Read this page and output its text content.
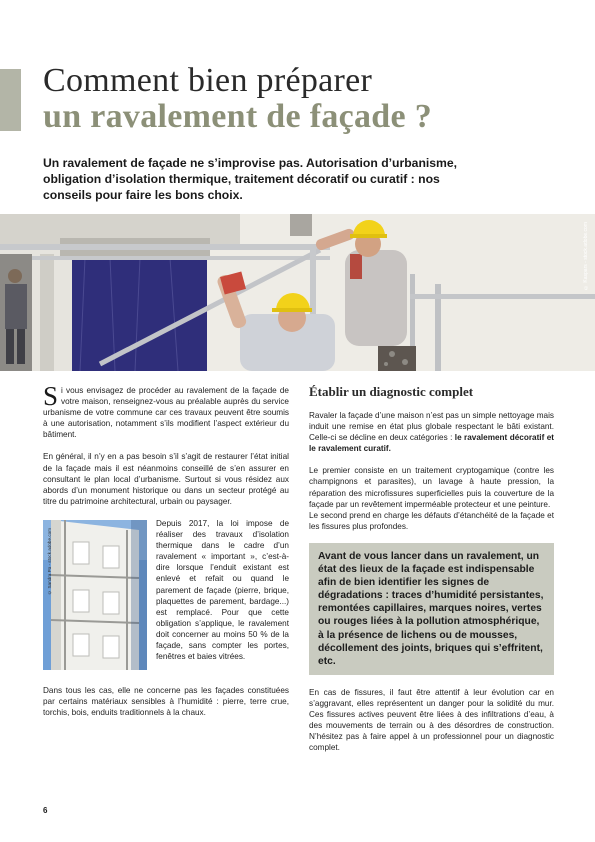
Comment bien préparer
un ravalement de façade ?

Un ravalement de façade ne s’improvise pas. Autorisation d’urbanisme, obligation d’isolation thermique, traitement décoratif ou curatif : nos conseils pour faire les bons choix.

© Kaspars - stock.adobe.com

Si vous envisagez de procéder au ravalement de la façade de votre maison, renseignez-vous au préalable auprès du service urbanisme de votre commune car ces travaux peuvent être soumis à une autorisation, notamment s’ils modifient l’aspect extérieur du bâtiment.

En général, il n’y en a pas besoin s’il s’agit de restaurer l’état initial de la façade mais il est néanmoins conseillé de s’en assurer en consultant le plan local d’urbanisme. Surtout si vous résidez aux abords d’un monument historique ou dans un secteur protégé au titre du patrimoine architectural, urbain ou paysager.

© Sandra Po - stock.adobe.com

Depuis 2017, la loi impose de réaliser des travaux d’isolation thermique dans le cadre d’un ravalement « important », c’est-à-dire lorsque l’enduit existant est enlevé et refait ou quand le parement de façade (pierre, brique, plaquettes de parement, bardage...) est remplacé. Pour que cette obligation s’applique, le ravalement doit concerner au moins 50 % de la façade, sans compter les portes, fenêtres et baies vitrées.

Dans tous les cas, elle ne concerne pas les façades constituées par certains matériaux sensibles à l’humidité : pierre, terre crue, torchis, bois, enduits traditionnels à la chaux.

Établir un diagnostic complet

Ravaler la façade d’une maison n’est pas un simple nettoyage mais induit une remise en état plus globale respectant le bâti existant. Celle-ci se décline en deux catégories : le ravalement décoratif et le ravalement curatif.

Le premier consiste en un traitement cryptogamique (contre les champignons et parasites), un lavage à haute pression, la réparation des microfissures superficielles puis la couverture de la façade par un revêtement imperméable protecteur et une peinture.

Le second prend en charge les défauts d’étanchéité de la façade et les fissures plus profondes.

Avant de vous lancer dans un ravalement, un état des lieux de la façade est indispensable afin de bien identifier les signes de dégradations : traces d’humidité persistantes, remontées capillaires, marques noires, vertes ou rouges liées à la pollution atmosphérique, à la présence de lichens ou de mousses, décollement des joints, briques qui s’effritent, etc.

En cas de fissures, il faut être attentif à leur évolution car en s’aggravant, elles représentent un danger pour la solidité du mur. Ces fissures actives peuvent être liées à des infiltrations d’eau, à des mouvements de terrain ou à des désordres de construction. N’hésitez pas à faire appel à un professionnel pour un diagnostic complet.

6
